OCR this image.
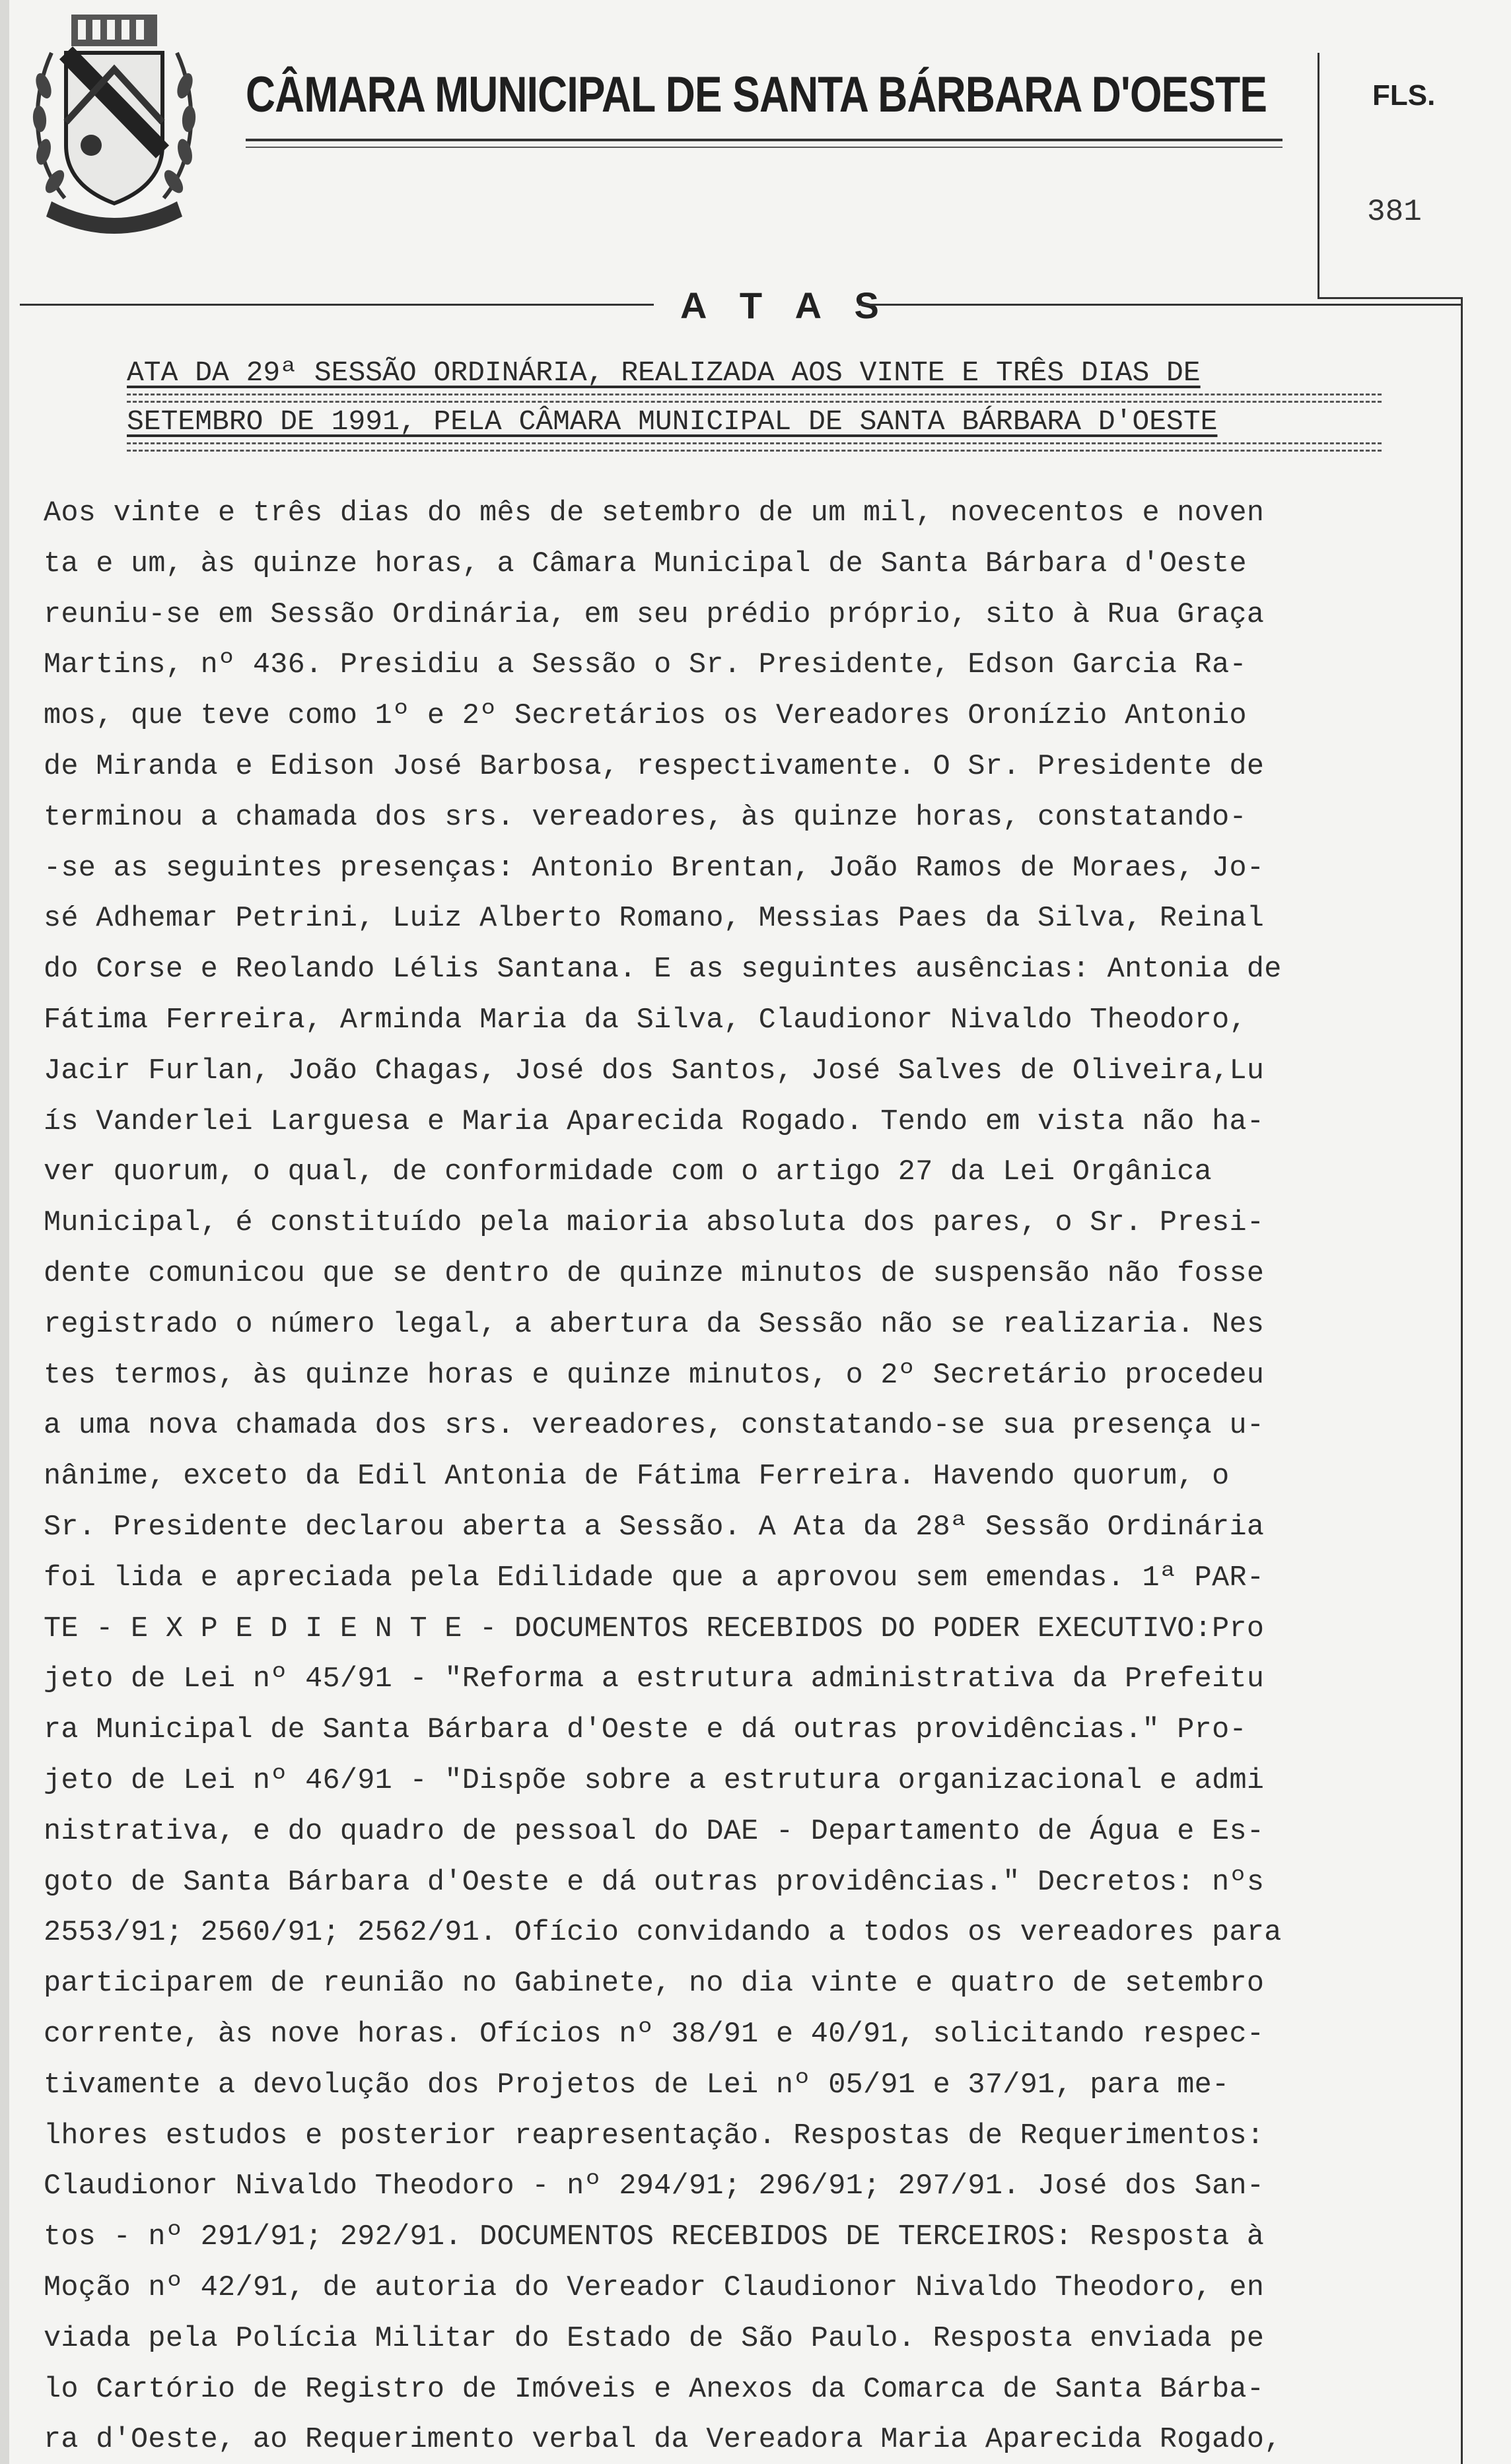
CÂMARA MUNICIPAL DE SANTA BÁRBARA D'OESTE	FLS.
381
A T A S
ATA DA 29ª SESSÃO ORDINÁRIA, REALIZADA AOS VINTE E TRÊS DIAS DE
SETEMBRO DE 1991, PELA CÂMARA MUNICIPAL DE SANTA BÁRBARA D'OESTE
Aos vinte e três dias do mês de setembro de um mil, novecentos e noven
ta e um, às quinze horas, a Câmara Municipal de Santa Bárbara d'Oeste
reuniu-se em Sessão Ordinária, em seu prédio próprio, sito à Rua Graça
Martins, nº 436. Presidiu a Sessão o Sr. Presidente, Edson Garcia Ra-
mos, que teve como 1º e 2º Secretários os Vereadores Oronízio Antonio
de Miranda e Edison José Barbosa, respectivamente. O Sr. Presidente de
terminou a chamada dos srs. vereadores, às quinze horas, constatando-
-se as seguintes presenças: Antonio Brentan, João Ramos de Moraes, Jo-
sé Adhemar Petrini, Luiz Alberto Romano, Messias Paes da Silva, Reinal
do Corse e Reolando Lélis Santana. E as seguintes ausências: Antonia de
Fátima Ferreira, Arminda Maria da Silva, Claudionor Nivaldo Theodoro,
Jacir Furlan, João Chagas, José dos Santos, José Salves de Oliveira,Lu
ís Vanderlei Larguesa e Maria Aparecida Rogado. Tendo em vista não ha-
ver quorum, o qual, de conformidade com o artigo 27 da Lei Orgânica
Municipal, é constituído pela maioria absoluta dos pares, o Sr. Presi-
dente comunicou que se dentro de quinze minutos de suspensão não fosse
registrado o número legal, a abertura da Sessão não se realizaria. Nes
tes termos, às quinze horas e quinze minutos, o 2º Secretário procedeu
a uma nova chamada dos srs. vereadores, constatando-se sua presença u-
nânime, exceto da Edil Antonia de Fátima Ferreira. Havendo quorum, o
Sr. Presidente declarou aberta a Sessão. A Ata da 28ª Sessão Ordinária
foi lida e apreciada pela Edilidade que a aprovou sem emendas. 1ª PAR-
TE - E X P E D I E N T E - DOCUMENTOS RECEBIDOS DO PODER EXECUTIVO:Pro
jeto de Lei nº 45/91 - "Reforma a estrutura administrativa da Prefeitu
ra Municipal de Santa Bárbara d'Oeste e dá outras providências." Pro-
jeto de Lei nº 46/91 - "Dispõe sobre a estrutura organizacional e admi
nistrativa, e do quadro de pessoal do DAE - Departamento de Água e Es-
goto de Santa Bárbara d'Oeste e dá outras providências." Decretos: nºs
2553/91; 2560/91; 2562/91. Ofício convidando a todos os vereadores para
participarem de reunião no Gabinete, no dia vinte e quatro de setembro
corrente, às nove horas. Ofícios nº 38/91 e 40/91, solicitando respec-
tivamente a devolução dos Projetos de Lei nº 05/91 e 37/91, para me-
lhores estudos e posterior reapresentação. Respostas de Requerimentos:
Claudionor Nivaldo Theodoro - nº 294/91; 296/91; 297/91. José dos San-
tos - nº 291/91; 292/91. DOCUMENTOS RECEBIDOS DE TERCEIROS: Resposta à
Moção nº 42/91, de autoria do Vereador Claudionor Nivaldo Theodoro, en
viada pela Polícia Militar do Estado de São Paulo. Resposta enviada pe
lo Cartório de Registro de Imóveis e Anexos da Comarca de Santa Bárba-
ra d'Oeste, ao Requerimento verbal da Vereadora Maria Aparecida Rogado,
